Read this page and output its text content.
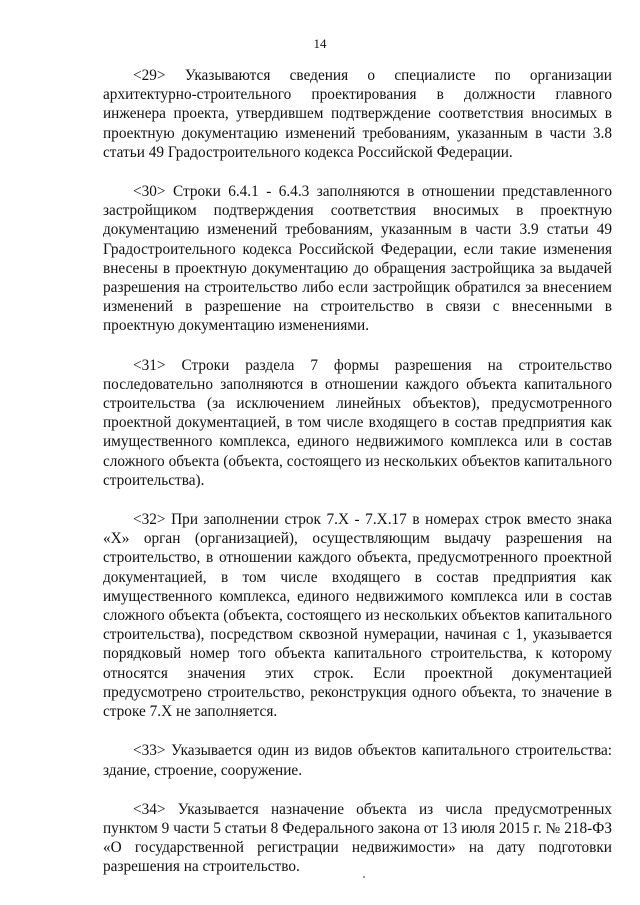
14

<29> Указываются сведения о специалисте по организации архитектурно-строительного проектирования в должности главного инженера проекта, утвердившем подтверждение соответствия вносимых в проектную документацию изменений требованиям, указанным в части 3.8 статьи 49 Градостроительного кодекса Российской Федерации.

<30> Строки 6.4.1 - 6.4.3 заполняются в отношении представленного застройщиком подтверждения соответствия вносимых в проектную документацию изменений требованиям, указанным в части 3.9 статьи 49 Градостроительного кодекса Российской Федерации, если такие изменения внесены в проектную документацию до обращения застройщика за выдачей разрешения на строительство либо если застройщик обратился за внесением изменений в разрешение на строительство в связи с внесенными в проектную документацию изменениями.

<31> Строки раздела 7 формы разрешения на строительство последовательно заполняются в отношении каждого объекта капитального строительства (за исключением линейных объектов), предусмотренного проектной документацией, в том числе входящего в состав предприятия как имущественного комплекса, единого недвижимого комплекса или в состав сложного объекта (объекта, состоящего из нескольких объектов капитального строительства).

<32> При заполнении строк 7.X - 7.X.17 в номерах строк вместо знака «X» орган (организацией), осуществляющим выдачу разрешения на строительство, в отношении каждого объекта, предусмотренного проектной документацией, в том числе входящего в состав предприятия как имущественного комплекса, единого недвижимого комплекса или в состав сложного объекта (объекта, состоящего из нескольких объектов капитального строительства), посредством сквозной нумерации, начиная с 1, указывается порядковый номер того объекта капитального строительства, к которому относятся значения этих строк. Если проектной документацией предусмотрено строительство, реконструкция одного объекта, то значение в строке 7.X не заполняется.

<33> Указывается один из видов объектов капитального строительства: здание, строение, сооружение.

<34> Указывается назначение объекта из числа предусмотренных пунктом 9 части 5 статьи 8 Федерального закона от 13 июля 2015 г. № 218-ФЗ «О государственной регистрации недвижимости» на дату подготовки разрешения на строительство.
